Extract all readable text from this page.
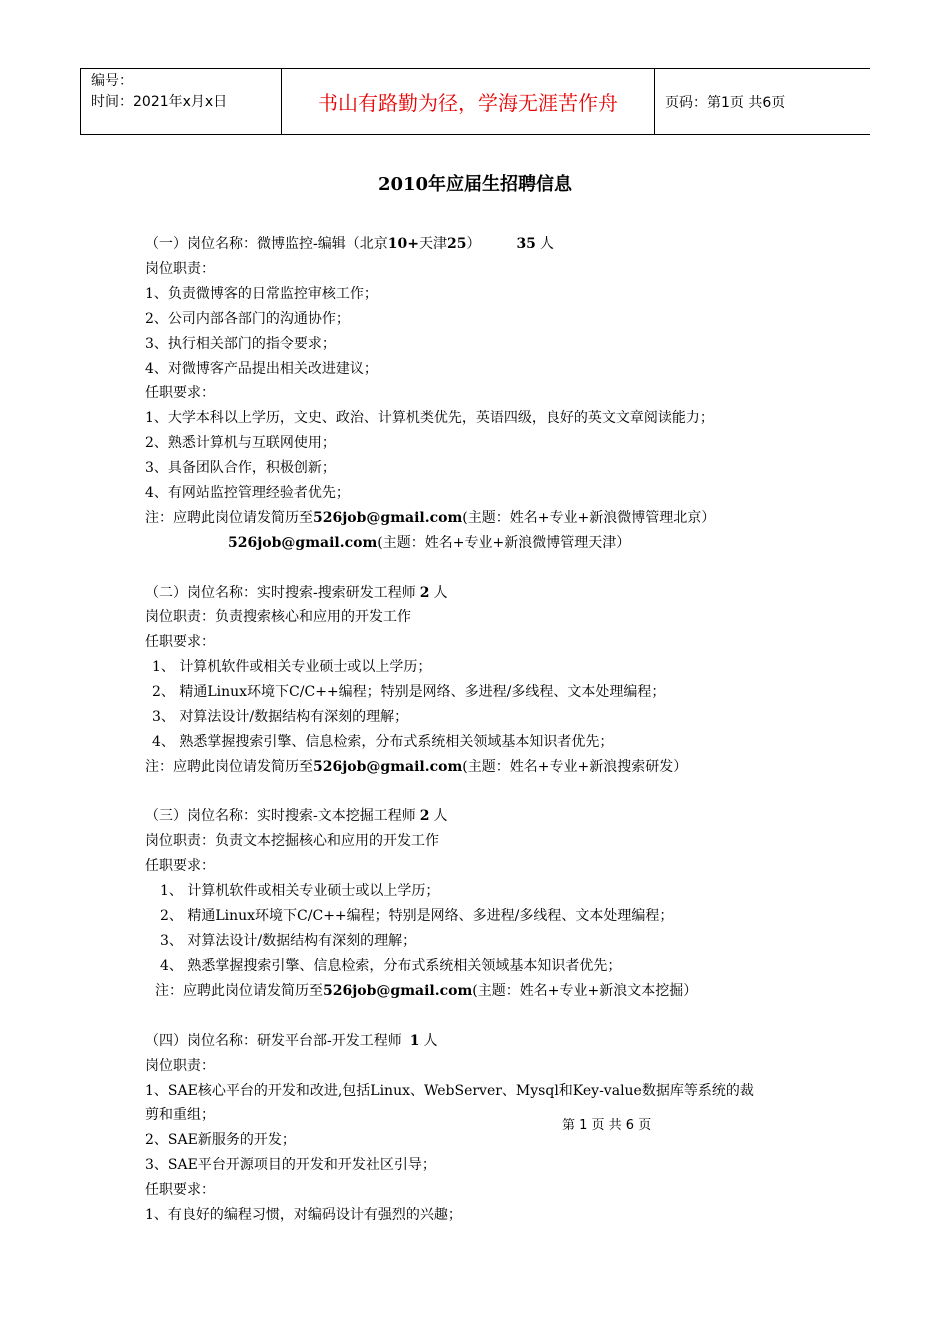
编号：
时间：2021年x月x日	书山有路勤为径，学海无涯苦作舟	页码：第1页 共6页
2010年应届生招聘信息
（一）岗位名称：微博监控-编辑（北京10+天津25）	35 人
岗位职责：
1、负责微博客的日常监控审核工作；
2、公司内部各部门的沟通协作；
3、执行相关部门的指令要求；
4、对微博客产品提出相关改进建议；
任职要求：
1、大学本科以上学历，文史、政治、计算机类优先，英语四级，良好的英文文章阅读能力；
2、熟悉计算机与互联网使用；
3、具备团队合作，积极创新；
4、有网站监控管理经验者优先；
注：应聘此岗位请发简历至526job@gmail.com(主题：姓名+专业+新浪微博管理北京）
526job@gmail.com(主题：姓名+专业+新浪微博管理天津）
（二）岗位名称：实时搜索-搜索研发工程师 2 人
岗位职责：负责搜索核心和应用的开发工作
任职要求：
1、 计算机软件或相关专业硕士或以上学历；
2、 精通Linux环境下C/C++编程；特别是网络、多进程/多线程、文本处理编程；
3、 对算法设计/数据结构有深刻的理解；
4、 熟悉掌握搜索引擎、信息检索，分布式系统相关领域基本知识者优先；
注：应聘此岗位请发简历至526job@gmail.com(主题：姓名+专业+新浪搜索研发）
（三）岗位名称：实时搜索-文本挖掘工程师 2 人
岗位职责：负责文本挖掘核心和应用的开发工作
任职要求：
1、 计算机软件或相关专业硕士或以上学历；
2、 精通Linux环境下C/C++编程；特别是网络、多进程/多线程、文本处理编程；
3、 对算法设计/数据结构有深刻的理解；
4、 熟悉掌握搜索引擎、信息检索，分布式系统相关领域基本知识者优先；
注：应聘此岗位请发简历至526job@gmail.com(主题：姓名+专业+新浪文本挖掘）
（四）岗位名称：研发平台部-开发工程师 1 人
岗位职责：
1、SAE核心平台的开发和改进,包括Linux、WebServer、Mysql和Key-value数据库等系统的裁
剪和重组；
2、SAE新服务的开发；
3、SAE平台开源项目的开发和开发社区引导；
任职要求：
1、有良好的编程习惯，对编码设计有强烈的兴趣；
第 1 页 共 6 页
